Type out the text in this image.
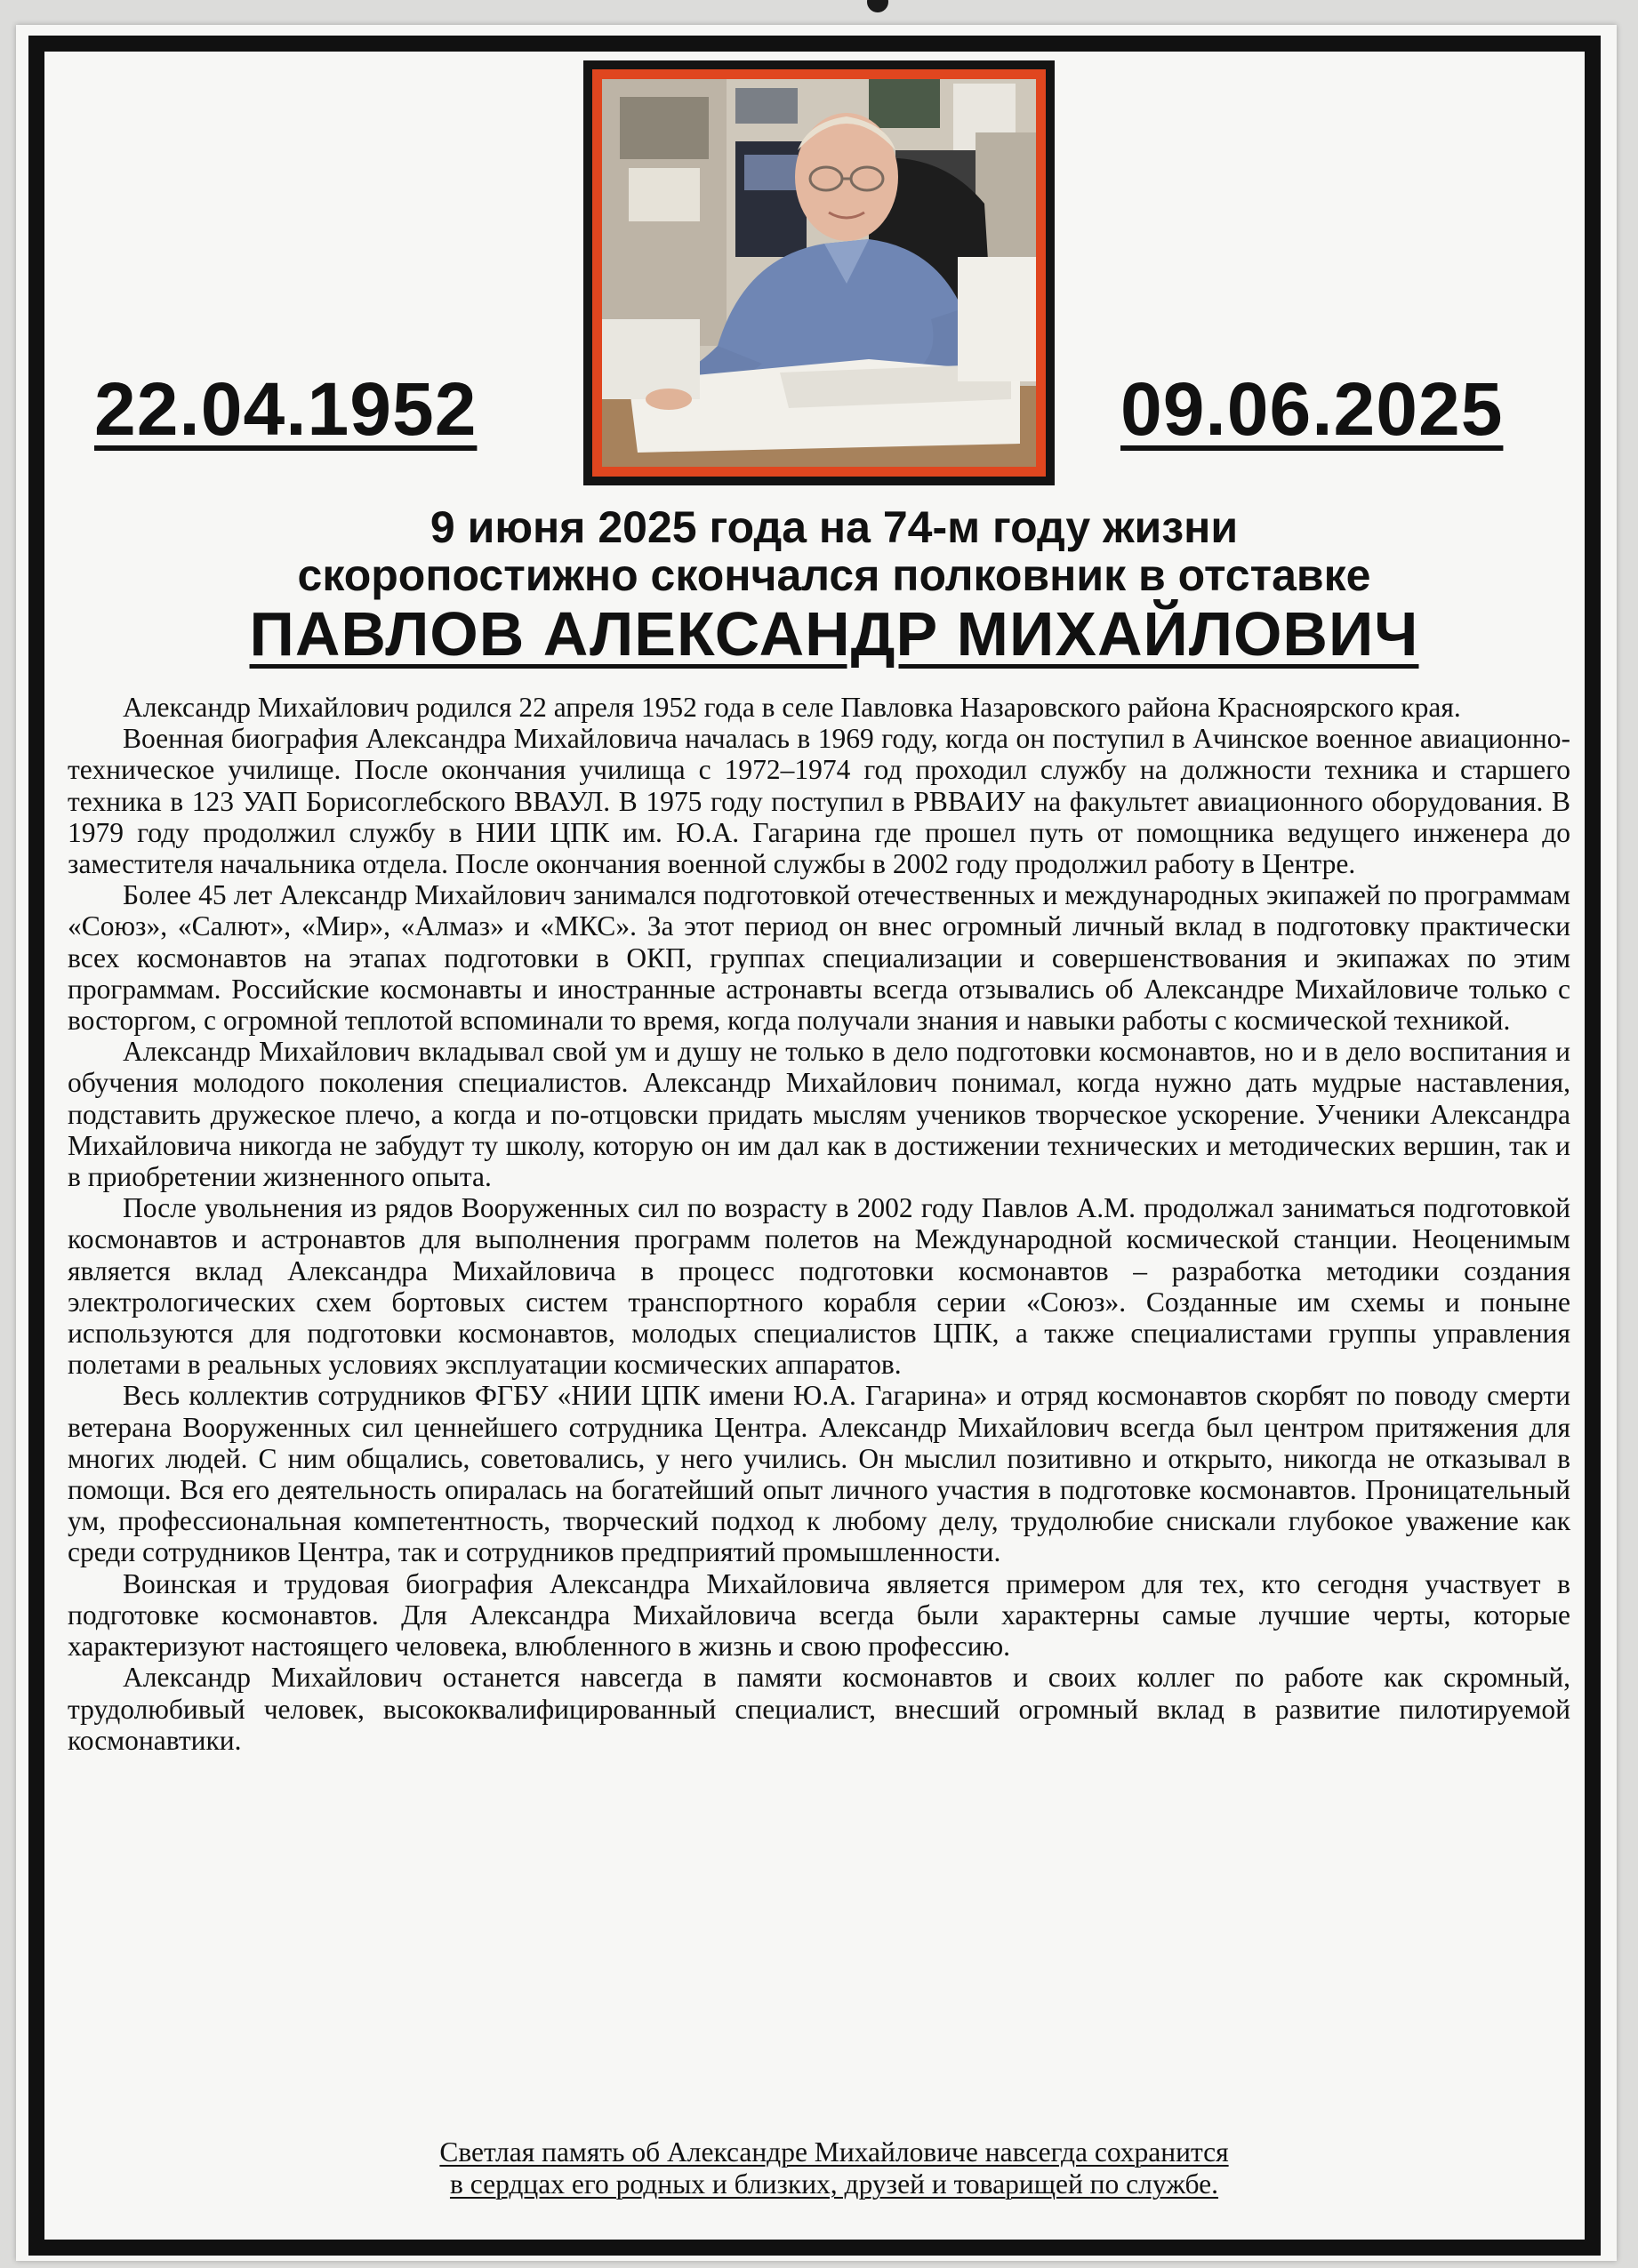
22.04.1952	09.06.2025
9 июня 2025 года на 74-м году жизни
скоропостижно скончался полковник в отставке
ПАВЛОВ АЛЕКСАНДР МИХАЙЛОВИЧ

Александр Михайлович родился 22 апреля 1952 года в селе Павловка Назаровского района Красноярского края.

Военная биография Александра Михайловича началась в 1969 году, когда он поступил в Ачинское военное авиационно-техническое училище. После окончания училища с 1972–1974 год проходил службу на должности техника и старшего техника в 123 УАП Борисоглебского ВВАУЛ. В 1975 году поступил в РВВАИУ на факультет авиационного оборудования. В 1979 году продолжил службу в НИИ ЦПК им. Ю.А. Гагарина где прошел путь от помощника ведущего инженера до заместителя начальника отдела. После окончания военной службы в 2002 году продолжил работу в Центре.

Более 45 лет Александр Михайлович занимался подготовкой отечественных и международных экипажей по программам «Союз», «Салют», «Мир», «Алмаз» и «МКС». За этот период он внес огромный личный вклад в подготовку практически всех космонавтов на этапах подготовки в ОКП, группах специализации и совершенствования и экипажах по этим программам. Российские космонавты и иностранные астронавты всегда отзывались об Александре Михайловиче только с восторгом, с огромной теплотой вспоминали то время, когда получали знания и навыки работы с космической техникой.

Александр Михайлович вкладывал свой ум и душу не только в дело подготовки космонавтов, но и в дело воспитания и обучения молодого поколения специалистов. Александр Михайлович понимал, когда нужно дать мудрые наставления, подставить дружеское плечо, а когда и по-отцовски придать мыслям учеников творческое ускорение. Ученики Александра Михайловича никогда не забудут ту школу, которую он им дал как в достижении технических и методических вершин, так и в приобретении жизненного опыта.

После увольнения из рядов Вооруженных сил по возрасту в 2002 году Павлов А.М. продолжал заниматься подготовкой космонавтов и астронавтов для выполнения программ полетов на Международной космической станции. Неоценимым является вклад Александра Михайловича в процесс подготовки космонавтов – разработка методики создания электрологических схем бортовых систем транспортного корабля серии «Союз». Созданные им схемы и поныне используются для подготовки космонавтов, молодых специалистов ЦПК, а также специалистами группы управления полетами в реальных условиях эксплуатации космических аппаратов.

Весь коллектив сотрудников ФГБУ «НИИ ЦПК имени Ю.А. Гагарина» и отряд космонавтов скорбят по поводу смерти ветерана Вооруженных сил ценнейшего сотрудника Центра. Александр Михайлович всегда был центром притяжения для многих людей. С ним общались, советовались, у него учились. Он мыслил позитивно и открыто, никогда не отказывал в помощи. Вся его деятельность опиралась на богатейший опыт личного участия в подготовке космонавтов. Проницательный ум, профессиональная компетентность, творческий подход к любому делу, трудолюбие снискали глубокое уважение как среди сотрудников Центра, так и сотрудников предприятий промышленности.

Воинская и трудовая биография Александра Михайловича является примером для тех, кто сегодня участвует в подготовке космонавтов. Для Александра Михайловича всегда были характерны самые лучшие черты, которые характеризуют настоящего человека, влюбленного в жизнь и свою профессию.

Александр Михайлович останется навсегда в памяти космонавтов и своих коллег по работе как скромный, трудолюбивый человек, высококвалифицированный специалист, внесший огромный вклад в развитие пилотируемой космонавтики.

Светлая память об Александре Михайловиче навсегда сохранится
в сердцах его родных и близких, друзей и товарищей по службе.
